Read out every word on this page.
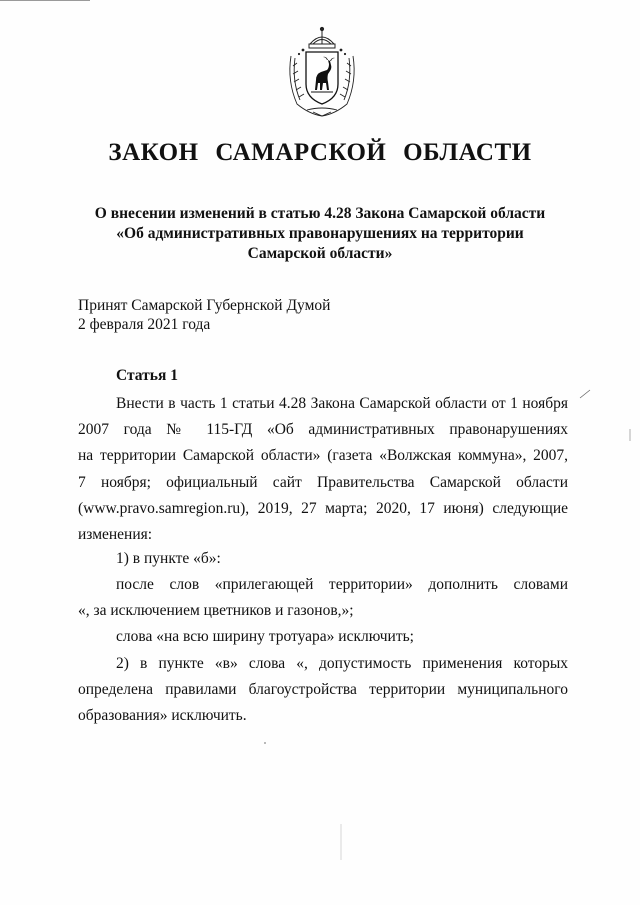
ЗАКОН САМАРСКОЙ ОБЛАСТИ
О внесении изменений в статью 4.28 Закона Самарской области
«Об административных правонарушениях на территории
Самарской области»
Принят Самарской Губернской Думой
2 февраля 2021 года
Статья 1
Внести в часть 1 статьи 4.28 Закона Самарской области от 1 ноября
2007 года № 115-ГД «Об административных правонарушениях
на территории Самарской области» (газета «Волжская коммуна», 2007,
7 ноября; официальный сайт Правительства Самарской области
(www.pravo.samregion.ru), 2019, 27 марта; 2020, 17 июня) следующие
изменения:
1) в пункте «б»:
после слов «прилегающей территории» дополнить словами
«, за исключением цветников и газонов,»;
слова «на всю ширину тротуара» исключить;
2) в пункте «в» слова «, допустимость применения которых
определена правилами благоустройства территории муниципального
образования» исключить.
